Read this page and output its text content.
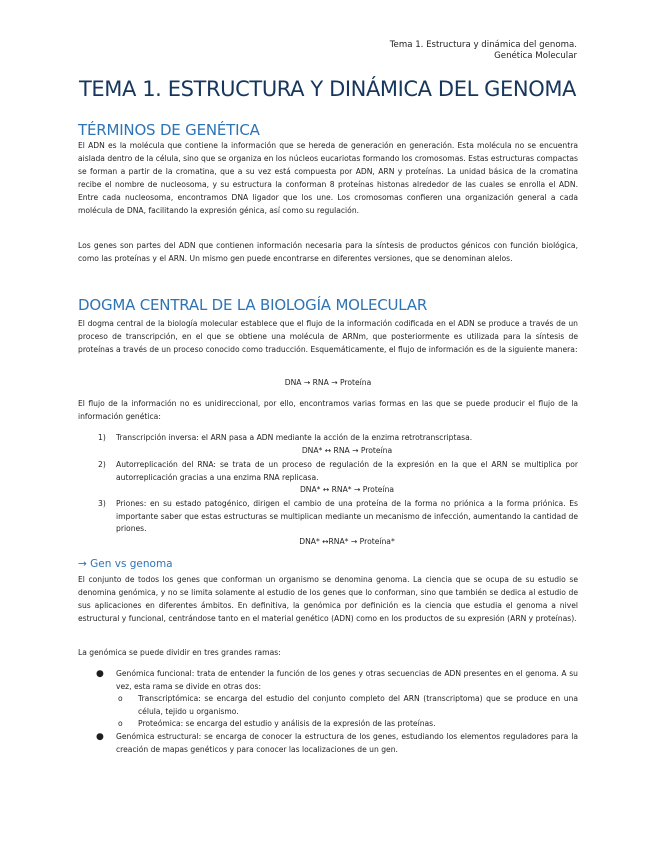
Tema 1. Estructura y dinámica del genoma.
Genética Molecular
TEMA 1. ESTRUCTURA Y DINÁMICA DEL GENOMA
TÉRMINOS DE GENÉTICA

El ADN es la molécula que contiene la información que se hereda de generación en generación. Esta molécula no se encuentra aislada dentro de la célula, sino que se organiza en los núcleos eucariotas formando los cromosomas. Estas estructuras compactas se forman a partir de la cromatina, que a su vez está compuesta por ADN, ARN y proteínas. La unidad básica de la cromatina recibe el nombre de nucleosoma, y su estructura la conforman 8 proteínas histonas alrededor de las cuales se enrolla el ADN. Entre cada nucleosoma, encontramos DNA ligador que los une. Los cromosomas confieren una organización general a cada molécula de DNA, facilitando la expresión génica, así como su regulación.

Los genes son partes del ADN que contienen información necesaria para la síntesis de productos génicos con función biológica, como las proteínas y el ARN. Un mismo gen puede encontrarse en diferentes versiones, que se denominan alelos.

DOGMA CENTRAL DE LA BIOLOGÍA MOLECULAR

El dogma central de la biología molecular establece que el flujo de la información codificada en el ADN se produce a través de un proceso de transcripción, en el que se obtiene una molécula de ARNm, que posteriormente es utilizada para la síntesis de proteínas a través de un proceso conocido como traducción. Esquemáticamente, el flujo de información es de la siguiente manera:

DNA → RNA → Proteína

El flujo de la información no es unidireccional, por ello, encontramos varias formas en las que se puede producir el flujo de la información genética:

1) Transcripción inversa: el ARN pasa a ADN mediante la acción de la enzima retrotranscriptasa.
DNA* ↔ RNA → Proteína
2) Autorreplicación del RNA: se trata de un proceso de regulación de la expresión en la que el ARN se multiplica por autorreplicación gracias a una enzima RNA replicasa.
DNA* ↔ RNA* → Proteína
3) Priones: en su estado patogénico, dirigen el cambio de una proteína de la forma no priónica a la forma priónica. Es importante saber que estas estructuras se multiplican mediante un mecanismo de infección, aumentando la cantidad de priones.
DNA* ↔RNA* → Proteína*
→ Gen vs genoma

El conjunto de todos los genes que conforman un organismo se denomina genoma. La ciencia que se ocupa de su estudio se denomina genómica, y no se limita solamente al estudio de los genes que lo conforman, sino que también se dedica al estudio de sus aplicaciones en diferentes ámbitos. En definitiva, la genómica por definición es la ciencia que estudia el genoma a nivel estructural y funcional, centrándose tanto en el material genético (ADN) como en los productos de su expresión (ARN y proteínas).

La genómica se puede dividir en tres grandes ramas:

● Genómica funcional: trata de entender la función de los genes y otras secuencias de ADN presentes en el genoma. A su vez, esta rama se divide en otras dos:
o Transcriptómica: se encarga del estudio del conjunto completo del ARN (transcriptoma) que se produce en una célula, tejido u organismo.
o Proteómica: se encarga del estudio y análisis de la expresión de las proteínas.
● Genómica estructural: se encarga de conocer la estructura de los genes, estudiando los elementos reguladores para la creación de mapas genéticos y para conocer las localizaciones de un gen.
